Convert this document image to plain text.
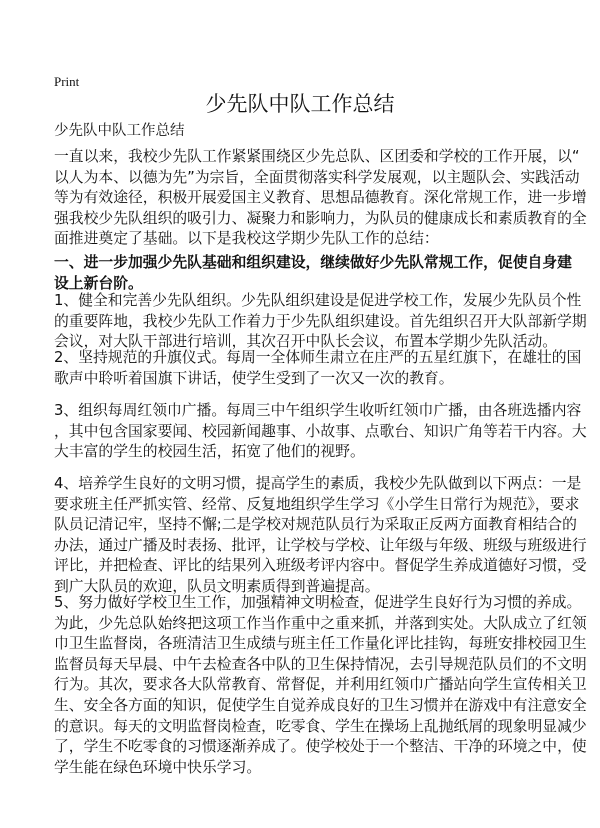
Print
少先队中队工作总结
少先队中队工作总结
一直以来，我校少先队工作紧紧围绕区少先总队、区团委和学校的工作开展，以“
以人为本、以德为先”为宗旨，全面贯彻落实科学发展观，以主题队会、实践活动
等为有效途径，积极开展爱国主义教育、思想品德教育。深化常规工作，进一步增
强我校少先队组织的吸引力、凝聚力和影响力，为队员的健康成长和素质教育的全
面推进奠定了基础。以下是我校这学期少先队工作的总结：
一、进一步加强少先队基础和组织建设，继续做好少先队常规工作，促使自身建
设上新台阶。
1、健全和完善少先队组织。少先队组织建设是促进学校工作，发展少先队员个性
的重要阵地，我校少先队工作着力于少先队组织建设。首先组织召开大队部新学期
会议，对大队干部进行培训，其次召开中队长会议，布置本学期少先队活动。
2、坚持规范的升旗仪式。每周一全体师生肃立在庄严的五星红旗下，在雄壮的国
歌声中聆听着国旗下讲话，使学生受到了一次又一次的教育。
3、组织每周红领巾广播。每周三中午组织学生收听红领巾广播，由各班选播内容
，其中包含国家要闻、校园新闻趣事、小故事、点歌台、知识广角等若干内容。大
大丰富的学生的校园生活，拓宽了他们的视野。
4、培养学生良好的文明习惯，提高学生的素质，我校少先队做到以下两点：一是
要求班主任严抓实管、经常、反复地组织学生学习《小学生日常行为规范》，要求
队员记清记牢，坚持不懈;二是学校对规范队员行为采取正反两方面教育相结合的
办法，通过广播及时表扬、批评，让学校与学校、让年级与年级、班级与班级进行
评比，并把检查、评比的结果列入班级考评内容中。督促学生养成道德好习惯，受
到广大队员的欢迎，队员文明素质得到普遍提高。
5、努力做好学校卫生工作，加强精神文明检查，促进学生良好行为习惯的养成。
为此，少先总队始终把这项工作当作重中之重来抓，并落到实处。大队成立了红领
巾卫生监督岗，各班清洁卫生成绩与班主任工作量化评比挂钩，每班安排校园卫生
监督员每天早晨、中午去检查各中队的卫生保持情况，去引导规范队员们的不文明
行为。其次，要求各大队常教育、常督促，并利用红领巾广播站向学生宣传相关卫
生、安全各方面的知识，促使学生自觉养成良好的卫生习惯并在游戏中有注意安全
的意识。每天的文明监督岗检查，吃零食、学生在操场上乱抛纸屑的现象明显减少
了，学生不吃零食的习惯逐渐养成了。使学校处于一个整洁、干净的环境之中，使
学生能在绿色环境中快乐学习。
